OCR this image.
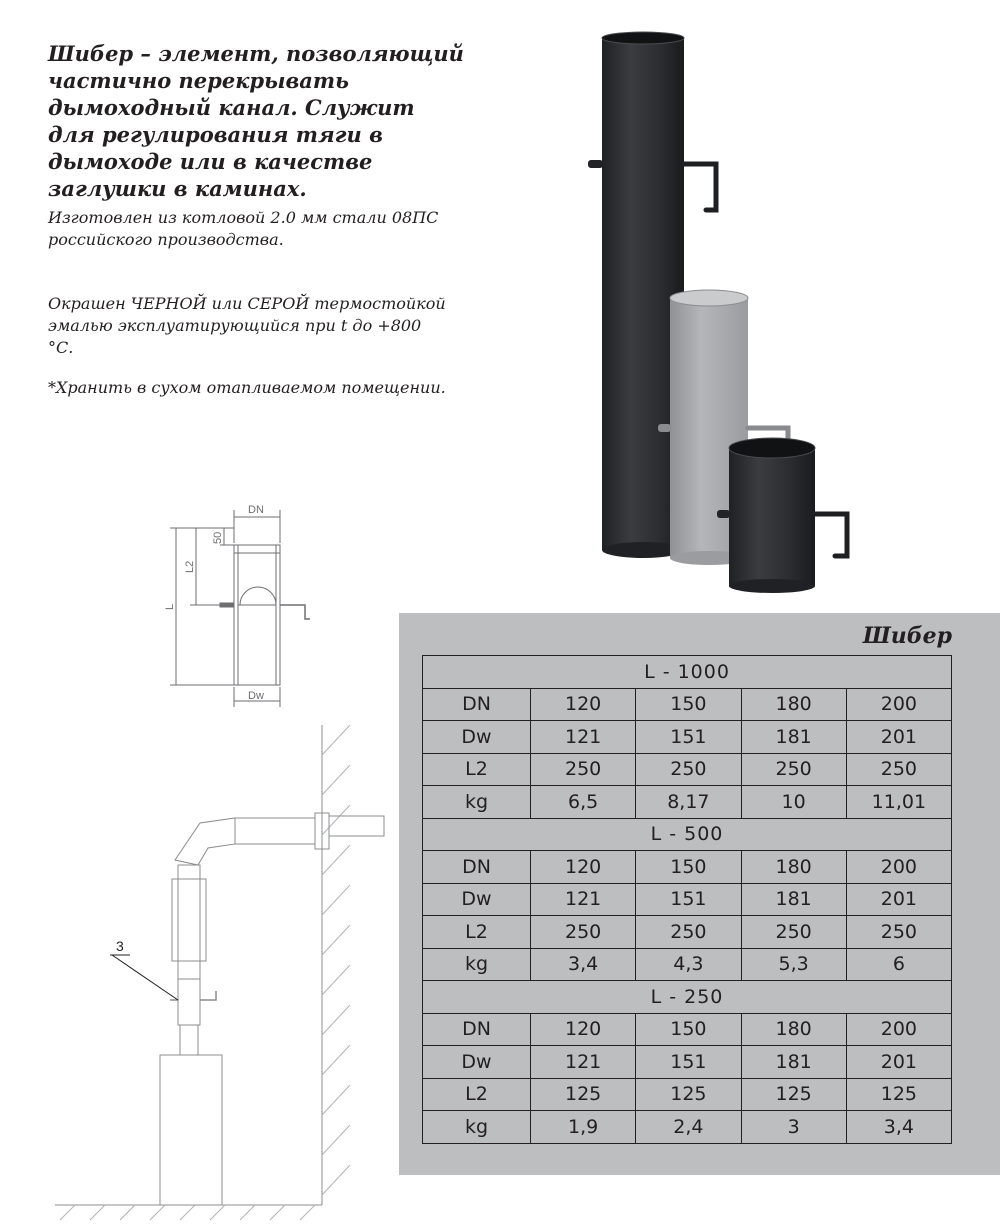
Шибер – элемент, позволяющий частично перекрывать дымоходный канал. Служит для регулирования тяги в дымоходе или в качестве заглушки в каминах.

Изготовлен из котловой 2.0 мм стали 08ПС российского производства.

Окрашен ЧЕРНОЙ или СЕРОЙ термостойкой эмалью эксплуатирующийся при t до +800 °С.

*Хранить в сухом отапливаемом помещении.

DN
Dw
L
L2
50
3
Шибер
L - 1000				
DN	120	150	180	200
Dw	121	151	181	201
L2	250	250	250	250
kg	6,5	8,17	10	11,01
L - 500				
DN	120	150	180	200
Dw	121	151	181	201
L2	250	250	250	250
kg	3,4	4,3	5,3	6
L - 250				
DN	120	150	180	200
Dw	121	151	181	201
L2	125	125	125	125
kg	1,9	2,4	3	3,4
